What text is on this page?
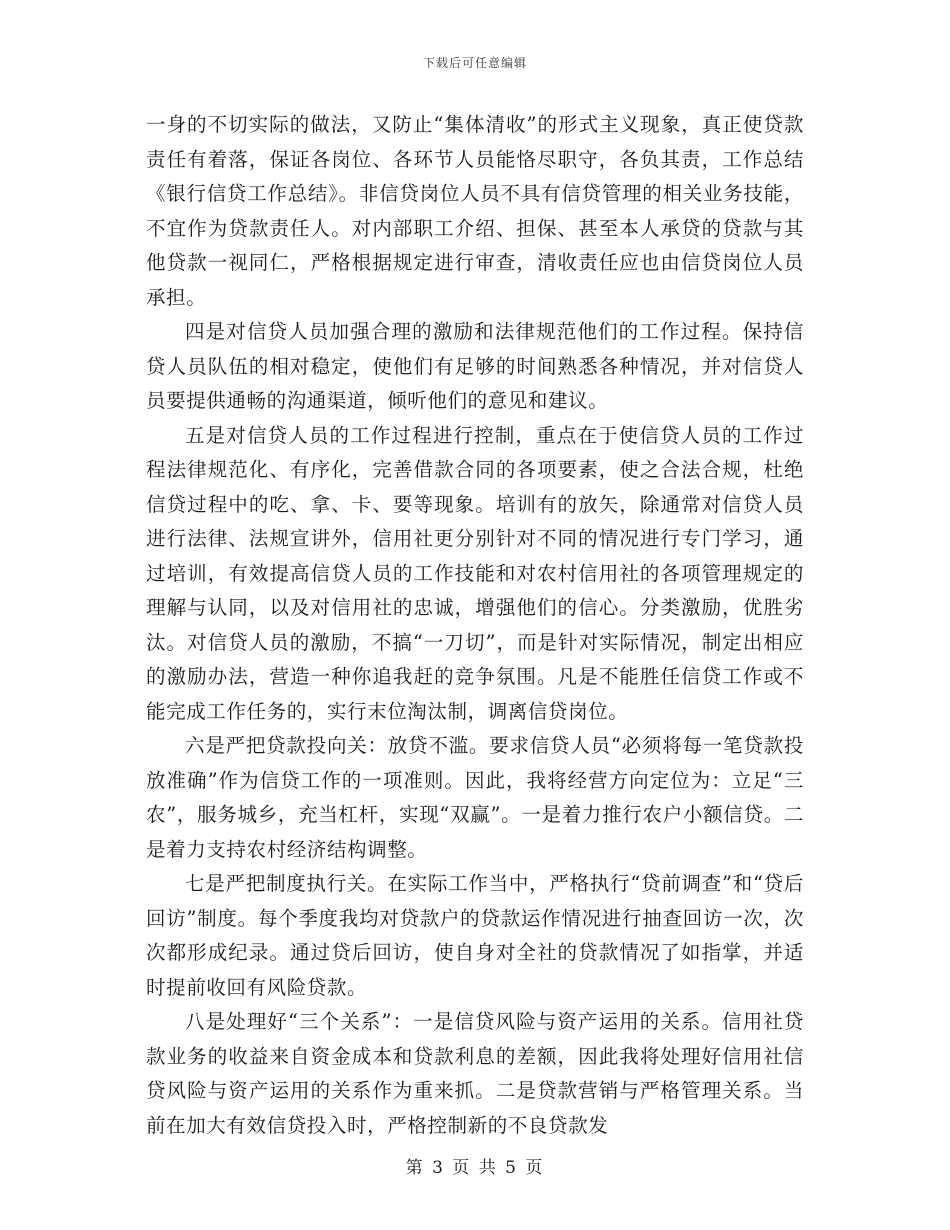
下载后可任意编辑

一身的不切实际的做法，又防止“集体清收”的形式主义现象，真正使贷款责任有着落，保证各岗位、各环节人员能恪尽职守，各负其责，工作总结《银行信贷工作总结》。非信贷岗位人员不具有信贷管理的相关业务技能，不宜作为贷款责任人。对内部职工介绍、担保、甚至本人承贷的贷款与其他贷款一视同仁，严格根据规定进行审查，清收责任应也由信贷岗位人员承担。

四是对信贷人员加强合理的激励和法律规范他们的工作过程。保持信贷人员队伍的相对稳定，使他们有足够的时间熟悉各种情况，并对信贷人员要提供通畅的沟通渠道，倾听他们的意见和建议。

五是对信贷人员的工作过程进行控制，重点在于使信贷人员的工作过程法律规范化、有序化，完善借款合同的各项要素，使之合法合规，杜绝信贷过程中的吃、拿、卡、要等现象。培训有的放矢，除通常对信贷人员进行法律、法规宣讲外，信用社更分别针对不同的情况进行专门学习，通过培训，有效提高信贷人员的工作技能和对农村信用社的各项管理规定的理解与认同，以及对信用社的忠诚，增强他们的信心。分类激励，优胜劣汰。对信贷人员的激励，不搞“一刀切”，而是针对实际情况，制定出相应的激励办法，营造一种你追我赶的竞争氛围。凡是不能胜任信贷工作或不能完成工作任务的，实行末位淘汰制，调离信贷岗位。

六是严把贷款投向关：放贷不滥。要求信贷人员“必须将每一笔贷款投放准确”作为信贷工作的一项准则。因此，我将经营方向定位为：立足“三农”，服务城乡，充当杠杆，实现“双赢”。一是着力推行农户小额信贷。二是着力支持农村经济结构调整。

七是严把制度执行关。在实际工作当中，严格执行“贷前调查”和“贷后回访”制度。每个季度我均对贷款户的贷款运作情况进行抽查回访一次，次次都形成纪录。通过贷后回访，使自身对全社的贷款情况了如指掌，并适时提前收回有风险贷款。

八是处理好“三个关系”：一是信贷风险与资产运用的关系。信用社贷款业务的收益来自资金成本和贷款利息的差额，因此我将处理好信用社信贷风险与资产运用的关系作为重来抓。二是贷款营销与严格管理关系。当前在加大有效信贷投入时，严格控制新的不良贷款发

第 3 页 共 5 页
